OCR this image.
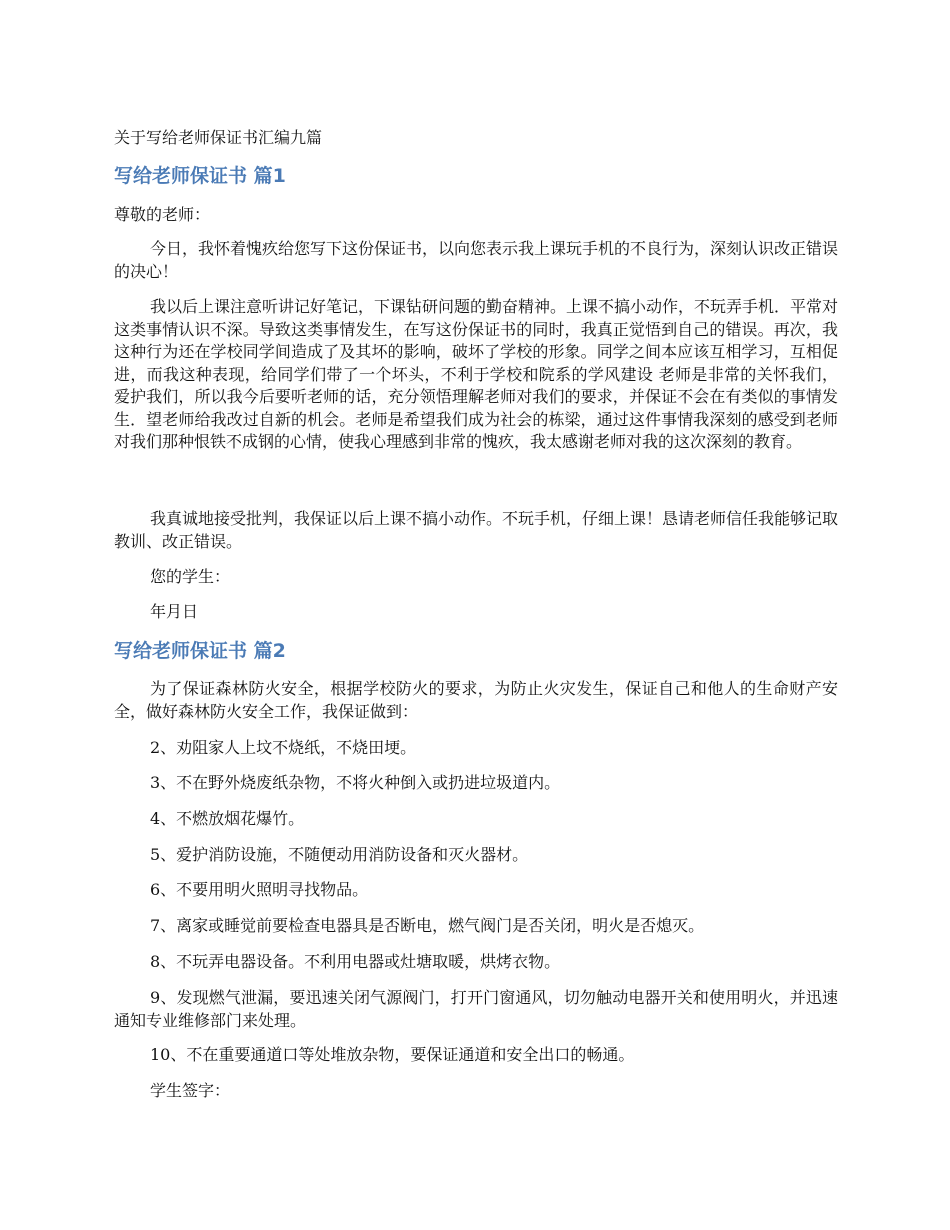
关于写给老师保证书汇编九篇
写给老师保证书 篇1
尊敬的老师：
今日，我怀着愧疚给您写下这份保证书，以向您表示我上课玩手机的不良行为，深刻认识改正错误的决心！
我以后上课注意听讲记好笔记，下课钻研问题的勤奋精神。上课不搞小动作，不玩弄手机．平常对这类事情认识不深。导致这类事情发生，在写这份保证书的同时，我真正觉悟到自己的错误。再次，我这种行为还在学校同学间造成了及其坏的影响，破坏了学校的形象。同学之间本应该互相学习，互相促进，而我这种表现，给同学们带了一个坏头，不利于学校和院系的学风建设 老师是非常的关怀我们，爱护我们，所以我今后要听老师的话，充分领悟理解老师对我们的要求，并保证不会在有类似的事情发生．望老师给我改过自新的机会。老师是希望我们成为社会的栋梁，通过这件事情我深刻的感受到老师对我们那种恨铁不成钢的心情，使我心理感到非常的愧疚，我太感谢老师对我的这次深刻的教育。
我真诚地接受批判，我保证以后上课不搞小动作。不玩手机，仔细上课！恳请老师信任我能够记取教训、改正错误。
您的学生：
年月日
写给老师保证书 篇2
为了保证森林防火安全，根据学校防火的要求，为防止火灾发生，保证自己和他人的生命财产安全，做好森林防火安全工作，我保证做到：
2、劝阻家人上坟不烧纸，不烧田埂。
3、不在野外烧废纸杂物，不将火种倒入或扔进垃圾道内。
4、不燃放烟花爆竹。
5、爱护消防设施，不随便动用消防设备和灭火器材。
6、不要用明火照明寻找物品。
7、离家或睡觉前要检查电器具是否断电，燃气阀门是否关闭，明火是否熄灭。
8、不玩弄电器设备。不利用电器或灶塘取暖，烘烤衣物。
9、发现燃气泄漏，要迅速关闭气源阀门，打开门窗通风，切勿触动电器开关和使用明火，并迅速通知专业维修部门来处理。
10、不在重要通道口等处堆放杂物，要保证通道和安全出口的畅通。
学生签字：
